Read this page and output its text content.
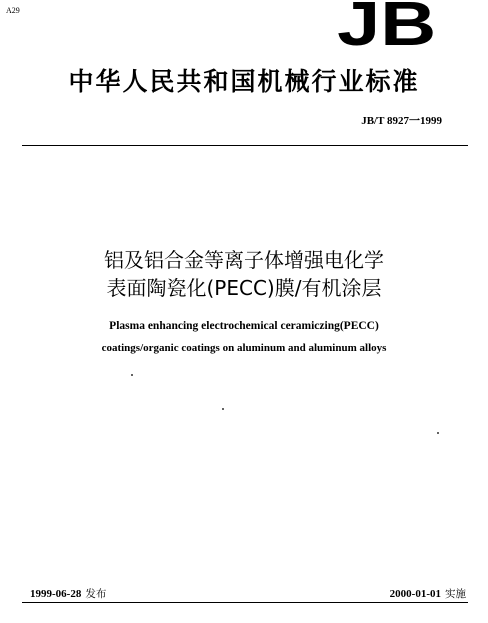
A29	JB
中华人民共和国机械行业标准
JB/T 8927一1999
铝及铝合金等离子体增强电化学
表面陶瓷化(PECC)膜/有机涂层
Plasma enhancing electrochemical ceramiczing(PECC)
coatings/organic coatings on aluminum and aluminum alloys
1999-06-28 发布	2000-01-01 实施
